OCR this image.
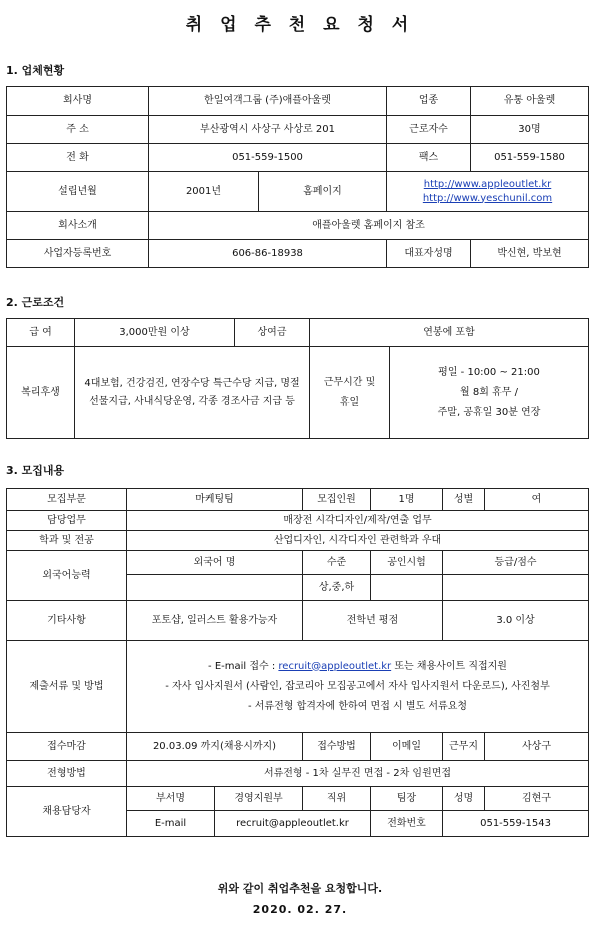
취 업 추 천 요 청 서
1. 업체현황
회사명	한일여객그룹 (주)애플아울렛		업종	유통 아울렛
주 소	부산광역시 사상구 사상로 201		근로자수	30명
전 화	051-559-1500		팩스	051-559-1580
설립년월	2001년	홈페이지	http://www.appleoutlet.kr
http://www.yeschunil.com	

회사소개	애플아울렛 홈페이지 참조			
사업자등록번호	606-86-18938		대표자성명	박신현, 박보현
2. 근로조건
급 여	3,000만원 이상	상여금	연봉에 포함	
복리후생	4대보험, 건강검진, 연장수당 특근수당 지급, 명절선물지급, 사내식당운영, 각종 경조사금 지급 등		근무시간 및 휴일	평일 - 10:00 ~ 21:00
월 8회 휴무 /
주말, 공휴일 30분 연장
3. 모집내용
모집부문	마케팅팀		모집인원	1명	성별	여
담당업무	매장전 시각디자인/제작/연출 업무					
학과 및 전공	산업디자인, 시각디자인 관련학과 우대					
외국어능력	외국어 명		수준	공인시험	등급/점수	
			상,중,하			
기타사항	포토샵, 일러스트 활용가능자		전학년 평점		3.0 이상	
제출서류 및 방법	- E-mail 접수 : recruit@appleoutlet.kr 또는 채용사이트 직접지원
- 자사 입사지원서 (사람인, 잡코리아 모집공고에서 자사 입사지원서 다운로드), 사진첨부
- 서류전형 합격자에 한하여 면접 시 별도 서류요청					

접수마감	20.03.09 까지(채용시까지)		접수방법	이메일	근무지	사상구
전형방법	서류전형 - 1차 실무진 면접 - 2차 임원면접					
채용담당자	부서명	경영지원부	직위	팀장	성명	김현구
	E-mail	recruit@appleoutlet.kr		전화번호	051-559-1543	
위와 같이 취업추천을 요청합니다.
2020. 02. 27.
